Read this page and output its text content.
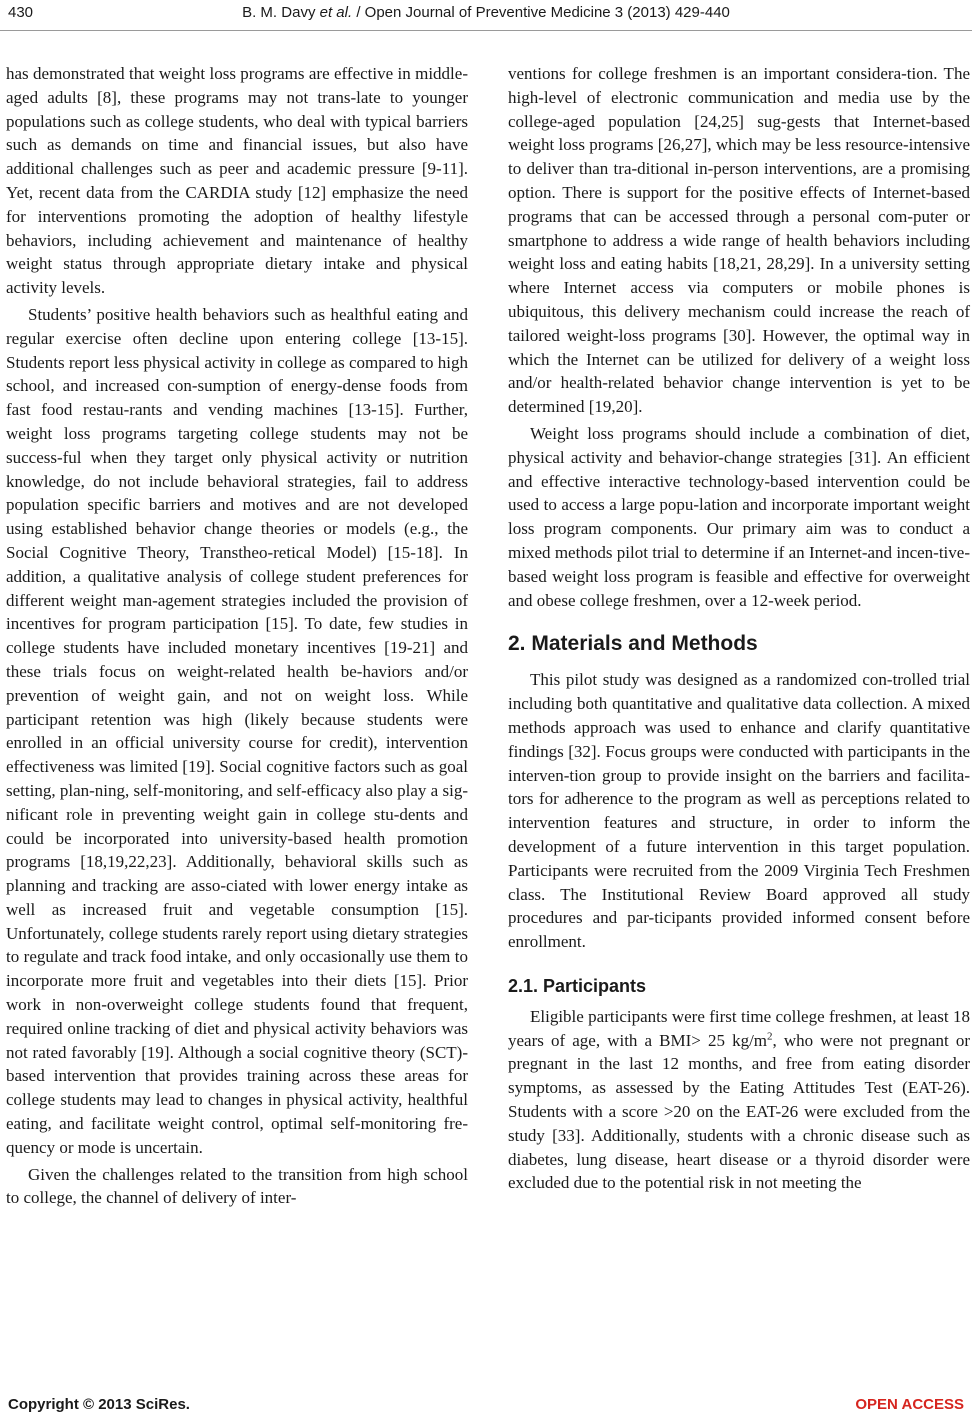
430	B. M. Davy et al. / Open Journal of Preventive Medicine 3 (2013) 429-440

has demonstrated that weight loss programs are effective in middle-aged adults [8], these programs may not trans-late to younger populations such as college students, who deal with typical barriers such as demands on time and financial issues, but also have additional challenges such as peer and academic pressure [9-11]. Yet, recent data from the CARDIA study [12] emphasize the need for interventions promoting the adoption of healthy lifestyle behaviors, including achievement and maintenance of healthy weight status through appropriate dietary intake and physical activity levels.

Students’ positive health behaviors such as healthful eating and regular exercise often decline upon entering college [13-15]. Students report less physical activity in college as compared to high school, and increased con-sumption of energy-dense foods from fast food restau-rants and vending machines [13-15]. Further, weight loss programs targeting college students may not be success-ful when they target only physical activity or nutrition knowledge, do not include behavioral strategies, fail to address population specific barriers and motives and are not developed using established behavior change theories or models (e.g., the Social Cognitive Theory, Transtheo-retical Model) [15-18]. In addition, a qualitative analysis of college student preferences for different weight man-agement strategies included the provision of incentives for program participation [15]. To date, few studies in college students have included monetary incentives [19-21] and these trials focus on weight-related health be-haviors and/or prevention of weight gain, and not on weight loss. While participant retention was high (likely because students were enrolled in an official university course for credit), intervention effectiveness was limited [19]. Social cognitive factors such as goal setting, plan-ning, self-monitoring, and self-efficacy also play a sig-nificant role in preventing weight gain in college stu-dents and could be incorporated into university-based health promotion programs [18,19,22,23]. Additionally, behavioral skills such as planning and tracking are asso-ciated with lower energy intake as well as increased fruit and vegetable consumption [15]. Unfortunately, college students rarely report using dietary strategies to regulate and track food intake, and only occasionally use them to incorporate more fruit and vegetables into their diets [15]. Prior work in non-overweight college students found that frequent, required online tracking of diet and physical activity behaviors was not rated favorably [19]. Although a social cognitive theory (SCT)-based intervention that provides training across these areas for college students may lead to changes in physical activity, healthful eating, and facilitate weight control, optimal self-monitoring fre-quency or mode is uncertain.

Given the challenges related to the transition from high school to college, the channel of delivery of inter-

ventions for college freshmen is an important considera-tion. The high-level of electronic communication and media use by the college-aged population [24,25] sug-gests that Internet-based weight loss programs [26,27], which may be less resource-intensive to deliver than tra-ditional in-person interventions, are a promising option. There is support for the positive effects of Internet-based programs that can be accessed through a personal com-puter or smartphone to address a wide range of health behaviors including weight loss and eating habits [18,21, 28,29]. In a university setting where Internet access via computers or mobile phones is ubiquitous, this delivery mechanism could increase the reach of tailored weight-loss programs [30]. However, the optimal way in which the Internet can be utilized for delivery of a weight loss and/or health-related behavior change intervention is yet to be determined [19,20].

Weight loss programs should include a combination of diet, physical activity and behavior-change strategies [31]. An efficient and effective interactive technology-based intervention could be used to access a large popu-lation and incorporate important weight loss program components. Our primary aim was to conduct a mixed methods pilot trial to determine if an Internet-and incen-tive-based weight loss program is feasible and effective for overweight and obese college freshmen, over a 12-week period.

2. Materials and Methods

This pilot study was designed as a randomized con-trolled trial including both quantitative and qualitative data collection. A mixed methods approach was used to enhance and clarify quantitative findings [32]. Focus groups were conducted with participants in the interven-tion group to provide insight on the barriers and facilita-tors for adherence to the program as well as perceptions related to intervention features and structure, in order to inform the development of a future intervention in this target population. Participants were recruited from the 2009 Virginia Tech Freshmen class. The Institutional Review Board approved all study procedures and par-ticipants provided informed consent before enrollment.

2.1. Participants

Eligible participants were first time college freshmen, at least 18 years of age, with a BMI> 25 $kg/m^2$, who were not pregnant or pregnant in the last 12 months, and free from eating disorder symptoms, as assessed by the Eating Attitudes Test (EAT-26). Students with a score >20 on the EAT-26 were excluded from the study [33]. Additionally, students with a chronic disease such as diabetes, lung disease, heart disease or a thyroid disorder were excluded due to the potential risk in not meeting the

Copyright © 2013 SciRes.	OPEN ACCESS
